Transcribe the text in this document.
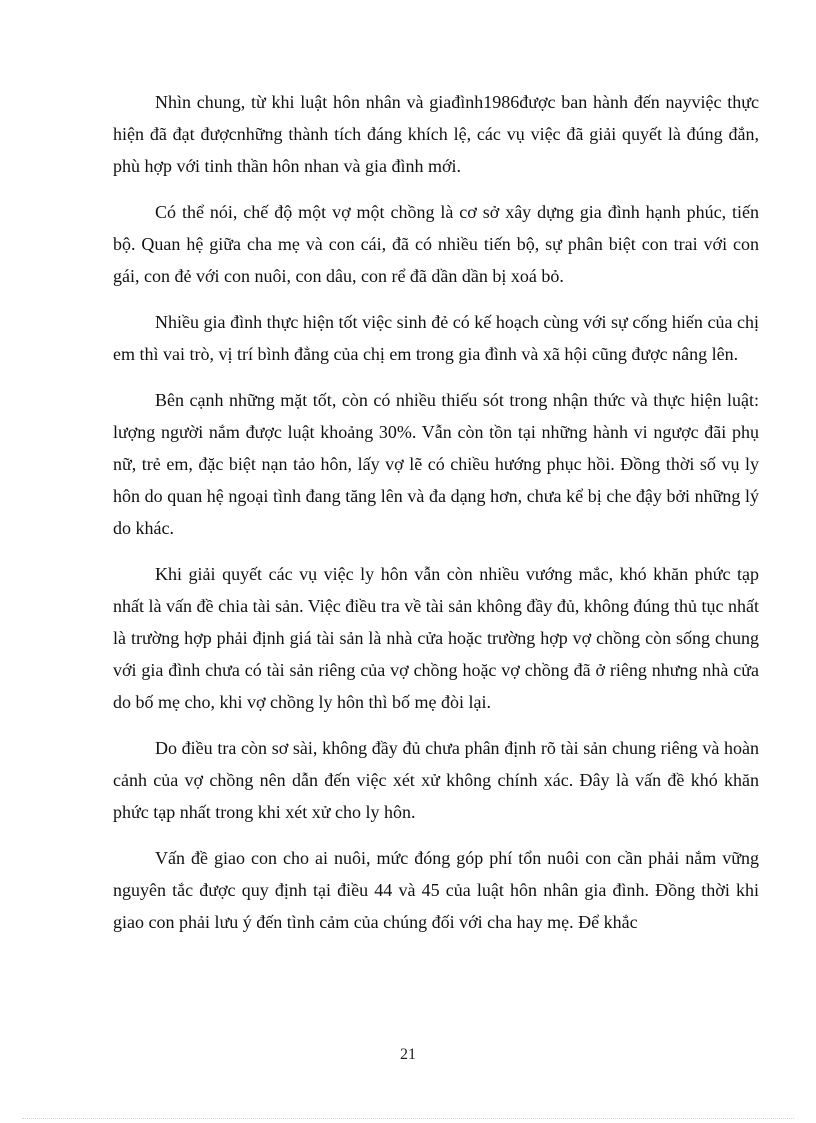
Nhìn chung, từ khi luật hôn nhân và giađình1986được ban hành đến nayviệc thực hiện đã đạt đượcnhững thành tích đáng khích lệ, các vụ việc đã giải quyết là đúng đắn, phù hợp với tinh thần hôn nhan và gia đình mới.

Có thể nói, chế độ một vợ một chồng là cơ sở xây dựng gia đình hạnh phúc, tiến bộ. Quan hệ giữa cha mẹ và con cái, đã có nhiều tiến bộ, sự phân biệt con trai với con gái, con đẻ với con nuôi, con dâu, con rể đã dần dần bị xoá bỏ.

Nhiều gia đình thực hiện tốt việc sinh đẻ có kế hoạch cùng với sự cống hiến của chị em thì vai trò, vị trí bình đẳng của chị em trong gia đình và xã hội cũng được nâng lên.

Bên cạnh những mặt tốt, còn có nhiều thiếu sót trong nhận thức và thực hiện luật: lượng người nắm được luật khoảng 30%. Vẫn còn tồn tại những hành vi ngược đãi phụ nữ, trẻ em, đặc biệt nạn tảo hôn, lấy vợ lẽ có chiều hướng phục hồi. Đồng thời số vụ ly hôn do quan hệ ngoại tình đang tăng lên và đa dạng hơn, chưa kể bị che đậy bởi những lý do khác.

Khi giải quyết các vụ việc ly hôn vẫn còn nhiều vướng mắc, khó khăn phức tạp nhất là vấn đề chia tài sản. Việc điều tra về tài sản không đầy đủ, không đúng thủ tục nhất là trường hợp phải định giá tài sản là nhà cửa hoặc trường hợp vợ chồng còn sống chung với gia đình chưa có tài sản riêng của vợ chồng hoặc vợ chồng đã ở riêng nhưng nhà cửa do bố mẹ cho, khi vợ chồng ly hôn thì bố mẹ đòi lại.

Do điều tra còn sơ sài, không đầy đủ chưa phân định rõ tài sản chung riêng và hoàn cảnh của vợ chồng nên dẫn đến việc xét xử không chính xác. Đây là vấn đề khó khăn phức tạp nhất trong khi xét xử cho ly hôn.

Vấn đề giao con cho ai nuôi, mức đóng góp phí tổn nuôi con cần phải nắm vững nguyên tắc được quy định tại điều 44 và 45 của luật hôn nhân gia đình. Đồng thời khi giao con phải lưu ý đến tình cảm của chúng đối với cha hay mẹ. Để khắc

21
